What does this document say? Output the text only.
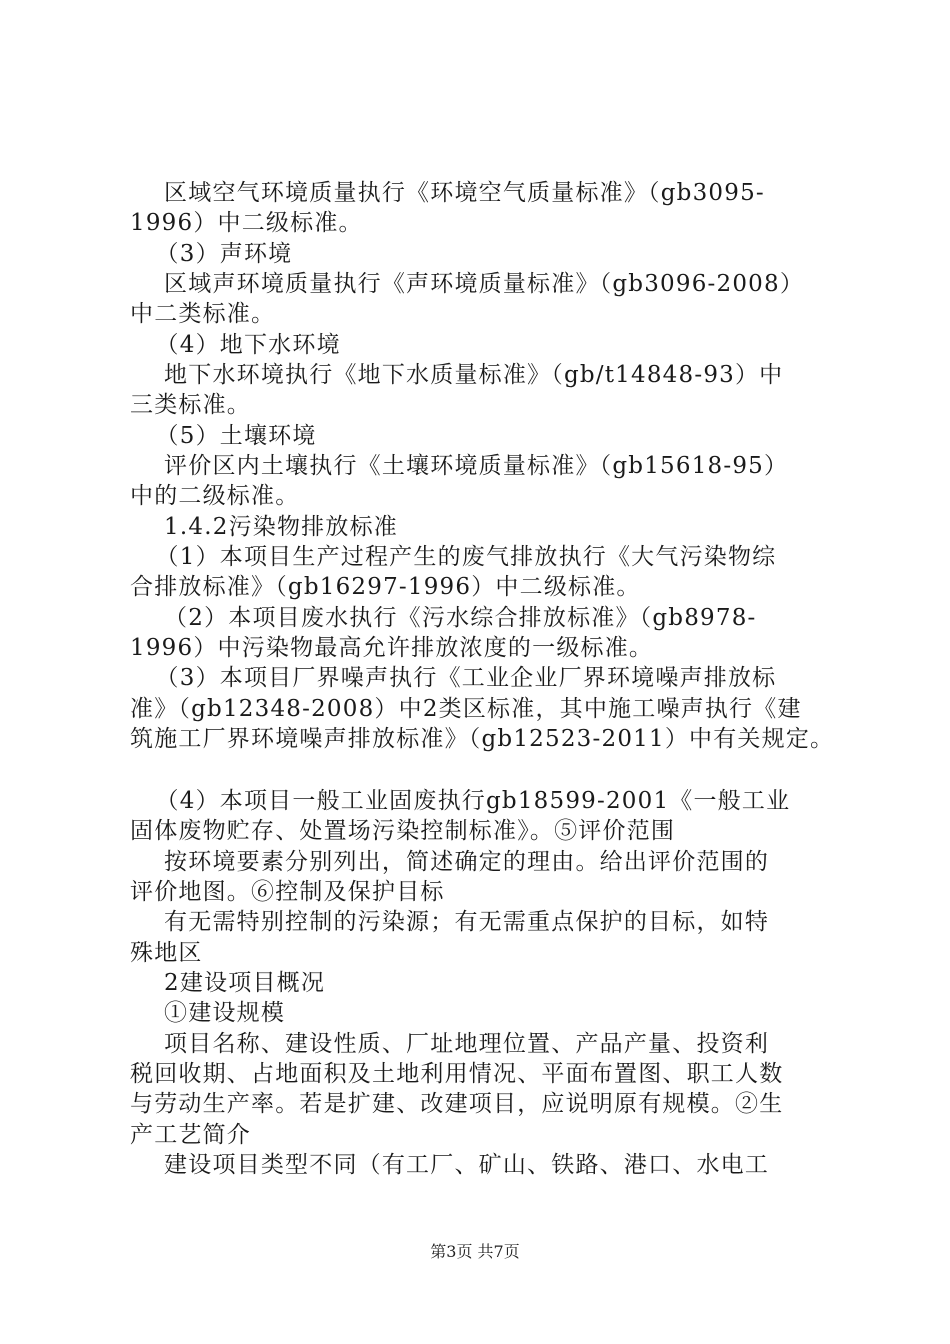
区域空气环境质量执行《环境空气质量标准》（gb3095-
1996）中二级标准。
（3）声环境
区域声环境质量执行《声环境质量标准》（gb3096-2008）
中二类标准。
（4）地下水环境
地下水环境执行《地下水质量标准》（gb/t14848-93）中
三类标准。
（5）土壤环境
评价区内土壤执行《土壤环境质量标准》（gb15618-95）
中的二级标准。
1.4.2污染物排放标准
（1）本项目生产过程产生的废气排放执行《大气污染物综
合排放标准》（gb16297-1996）中二级标准。
（2）本项目废水执行《污水综合排放标准》（gb8978-
1996）中污染物最高允许排放浓度的一级标准。
（3）本项目厂界噪声执行《工业企业厂界环境噪声排放标
准》（gb12348-2008）中2类区标准，其中施工噪声执行《建
筑施工厂界环境噪声排放标准》（gb12523-2011）中有关规定。
（4）本项目一般工业固废执行gb18599-2001《一般工业
固体废物贮存、处置场污染控制标准》。⑤评价范围
按环境要素分别列出，简述确定的理由。给出评价范围的
评价地图。⑥控制及保护目标
有无需特别控制的污染源；有无需重点保护的目标，如特
殊地区
2建设项目概况
①建设规模
项目名称、建设性质、厂址地理位置、产品产量、投资利
税回收期、占地面积及土地利用情况、平面布置图、职工人数
与劳动生产率。若是扩建、改建项目，应说明原有规模。②生
产工艺简介
建设项目类型不同（有工厂、矿山、铁路、港口、水电工
第3页 共7页
